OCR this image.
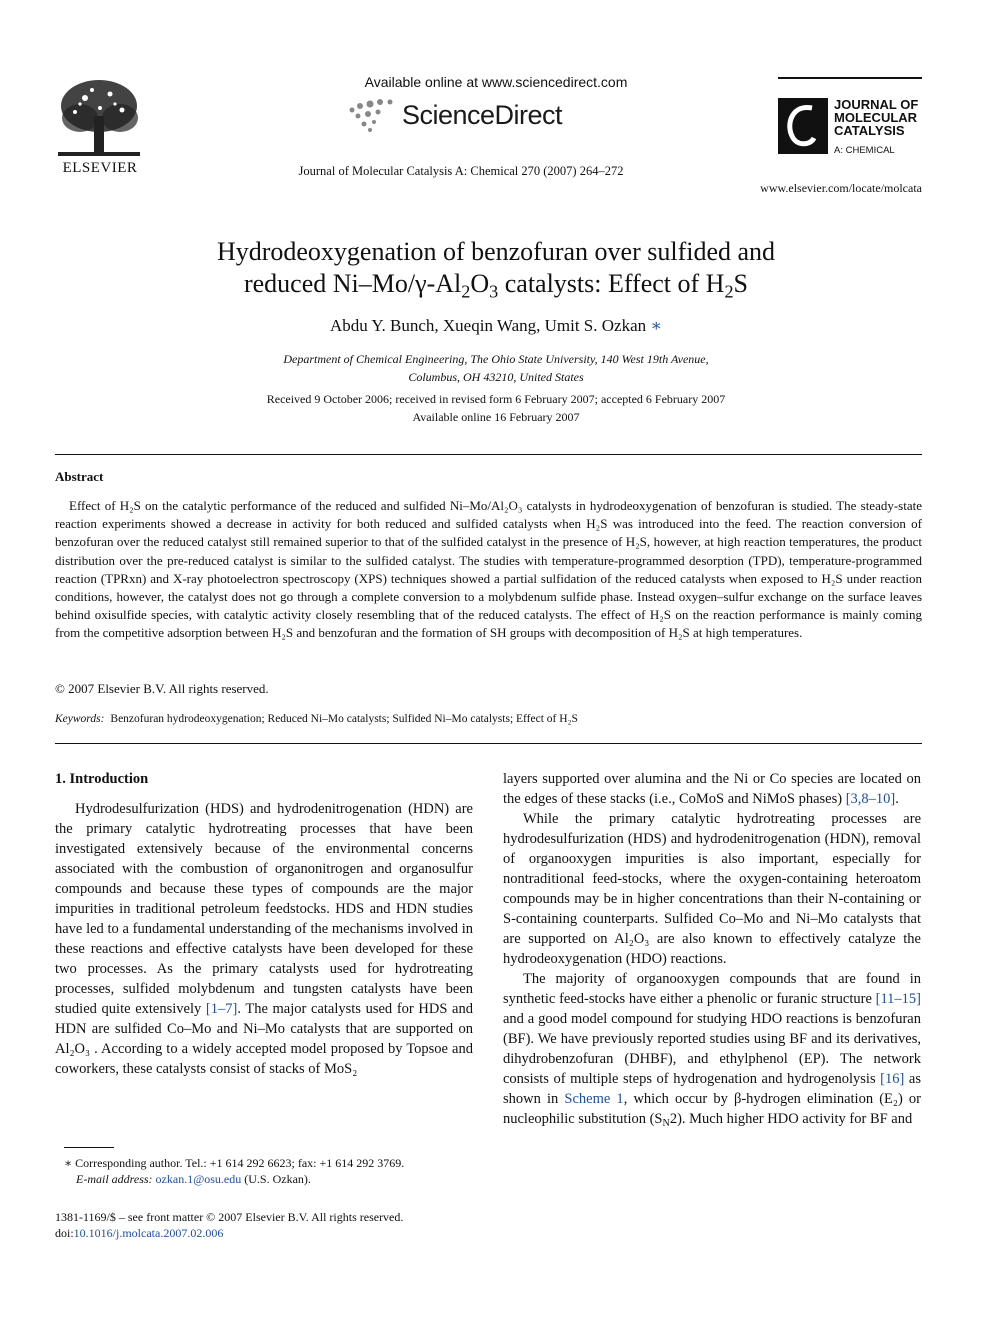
ELSEVIER
Available online at www.sciencedirect.com
ScienceDirect
Journal of Molecular Catalysis A: Chemical 270 (2007) 264–272
JOURNAL OF
MOLECULAR
CATALYSIS
A: CHEMICAL
www.elsevier.com/locate/molcata
Hydrodeoxygenation of benzofuran over sulfided and
reduced $Ni-Mo/\gamma-Al_2O_3$ catalysts: Effect of $H_2S$
Abdu Y. Bunch, Xueqin Wang, Umit S. Ozkan ∗
Department of Chemical Engineering, The Ohio State University, 140 West 19th Avenue,
Columbus, OH 43210, United States
Received 9 October 2006; received in revised form 6 February 2007; accepted 6 February 2007
Available online 16 February 2007
Abstract

Effect of H₂S on the catalytic performance of the reduced and sulfided Ni–Mo/Al₂O₃ catalysts in hydrodeoxygenation of benzofuran is studied. The steady-state reaction experiments showed a decrease in activity for both reduced and sulfided catalysts when H₂S was introduced into the feed. The reaction conversion of benzofuran over the reduced catalyst still remained superior to that of the sulfided catalyst in the presence of H₂S, however, at high reaction temperatures, the product distribution over the pre-reduced catalyst is similar to the sulfided catalyst. The studies with temperature-programmed desorption (TPD), temperature-programmed reaction (TPRxn) and X-ray photoelectron spectroscopy (XPS) techniques showed a partial sulfidation of the reduced catalysts when exposed to H₂S under reaction conditions, however, the catalyst does not go through a complete conversion to a molybdenum sulfide phase. Instead oxygen–sulfur exchange on the surface leaves behind oxisulfide species, with catalytic activity closely resembling that of the reduced catalysts. The effect of H₂S on the reaction performance is mainly coming from the competitive adsorption between H₂S and benzofuran and the formation of SH groups with decomposition of H₂S at high temperatures.

© 2007 Elsevier B.V. All rights reserved.
Keywords: Benzofuran hydrodeoxygenation; Reduced Ni–Mo catalysts; Sulfided Ni–Mo catalysts; Effect of H₂S

1. Introduction

Hydrodesulfurization (HDS) and hydrodenitrogenation (HDN) are the primary catalytic hydrotreating processes that have been investigated extensively because of the environmental concerns associated with the combustion of organonitrogen and organosulfur compounds and because these types of compounds are the major impurities in traditional petroleum feedstocks. HDS and HDN studies have led to a fundamental understanding of the mechanisms involved in these reactions and effective catalysts have been developed for these two processes. As the primary catalysts used for hydrotreating processes, sulfided molybdenum and tungsten catalysts have been studied quite extensively [1–7]. The major catalysts used for HDS and HDN are sulfided Co–Mo and Ni–Mo catalysts that are supported on Al₂O₃ . According to a widely accepted model proposed by Topsoe and coworkers, these catalysts consist of stacks of MoS₂

layers supported over alumina and the Ni or Co species are located on the edges of these stacks (i.e., CoMoS and NiMoS phases) [3,8–10].

While the primary catalytic hydrotreating processes are hydrodesulfurization (HDS) and hydrodenitrogenation (HDN), removal of organooxygen impurities is also important, especially for nontraditional feed-stocks, where the oxygen-containing heteroatom compounds may be in higher concentrations than their N-containing or S-containing counterparts. Sulfided Co–Mo and Ni–Mo catalysts that are supported on Al₂O₃ are also known to effectively catalyze the hydrodeoxygenation (HDO) reactions.

The majority of organooxygen compounds that are found in synthetic feed-stocks have either a phenolic or furanic structure [11–15] and a good model compound for studying HDO reactions is benzofuran (BF). We have previously reported studies using BF and its derivatives, dihydrobenzofuran (DHBF), and ethylphenol (EP). The network consists of multiple steps of hydrogenation and hydrogenolysis [16] as shown in Scheme 1, which occur by β-hydrogen elimination (E₂) or nucleophilic substitution $(S_N2)$. Much higher HDO activity for BF and

∗ Corresponding author. Tel.: +1 614 292 6623; fax: +1 614 292 3769.
E-mail address: ozkan.1@osu.edu (U.S. Ozkan).
1381-1169/$ – see front matter © 2007 Elsevier B.V. All rights reserved.
doi:10.1016/j.molcata.2007.02.006
